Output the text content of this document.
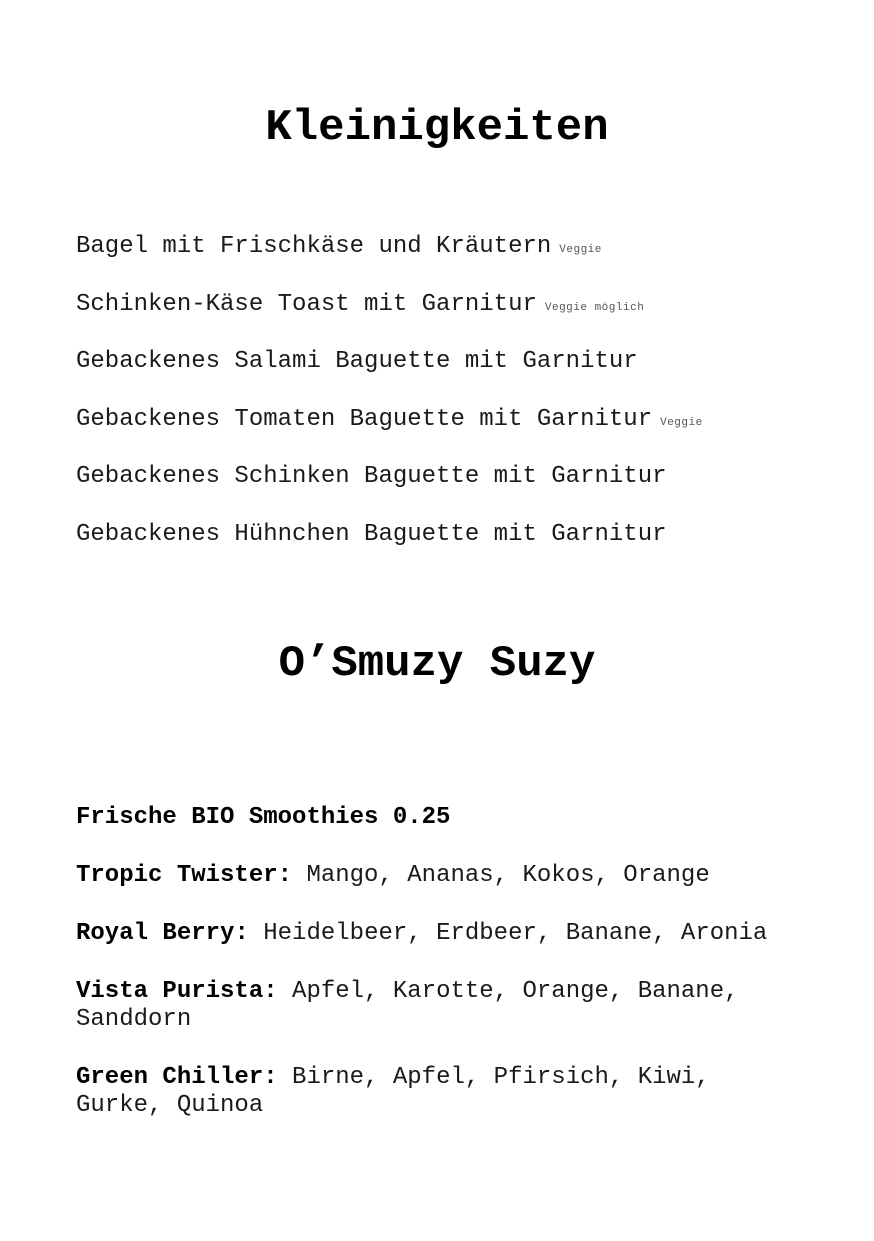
Kleinigkeiten
Bagel mit Frischkäse und Kräutern Veggie
Schinken-Käse Toast mit Garnitur Veggie möglich
Gebackenes Salami Baguette mit Garnitur
Gebackenes Tomaten Baguette mit Garnitur Veggie
Gebackenes Schinken Baguette mit Garnitur
Gebackenes Hühnchen Baguette mit Garnitur
O’Smuzy Suzy

Frische BIO Smoothies 0.25

Tropic Twister: Mango, Ananas, Kokos, Orange

Royal Berry: Heidelbeer, Erdbeer, Banane, Aronia

Vista Purista: Apfel, Karotte, Orange, Banane, Sanddorn

Green Chiller: Birne, Apfel, Pfirsich, Kiwi, Gurke, Quinoa
